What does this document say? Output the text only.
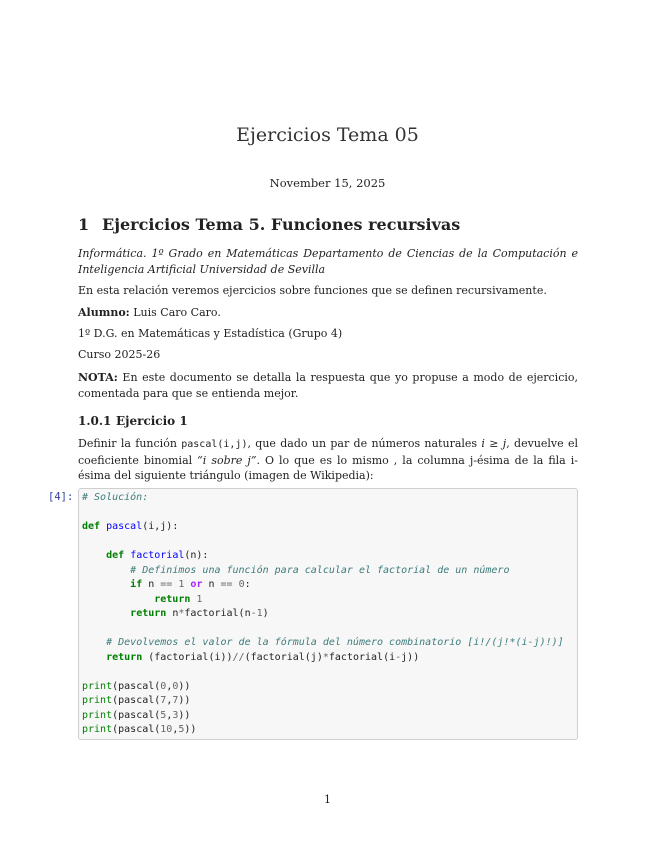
Ejercicios Tema 05
November 15, 2025
1 Ejercicios Tema 5. Funciones recursivas
Informática. 1º Grado en Matemáticas Departamento de Ciencias de la Computación e Inteligencia Artificial Universidad de Sevilla
En esta relación veremos ejercicios sobre funciones que se definen recursivamente.
Alumno: Luis Caro Caro.
1º D.G. en Matemáticas y Estadística (Grupo 4)
Curso 2025-26
NOTA: En este documento se detalla la respuesta que yo propuse a modo de ejercicio, comentada para que se entienda mejor.
1.0.1 Ejercicio 1
Definir la función pascal(i,j), que dado un par de números naturales i ≥ j, devuelve el coeficiente binomial “i sobre j”. O lo que es lo mismo , la columna j-ésima de la fila i-ésima del siguiente triángulo (imagen de Wikipedia):
[4]: # Solución:

def pascal(i,j):

def factorial(n):
# Definimos una función para calcular el factorial de un número
if n == 1 or n == 0:
return 1
return n*factorial(n-1)

# Devolvemos el valor de la fórmula del número combinatorio [i!/(j!*(i-j)!)]
return (factorial(i))//(factorial(j)*factorial(i-j))

print(pascal(0,0))
print(pascal(7,7))
print(pascal(5,3))
print(pascal(10,5))
1
